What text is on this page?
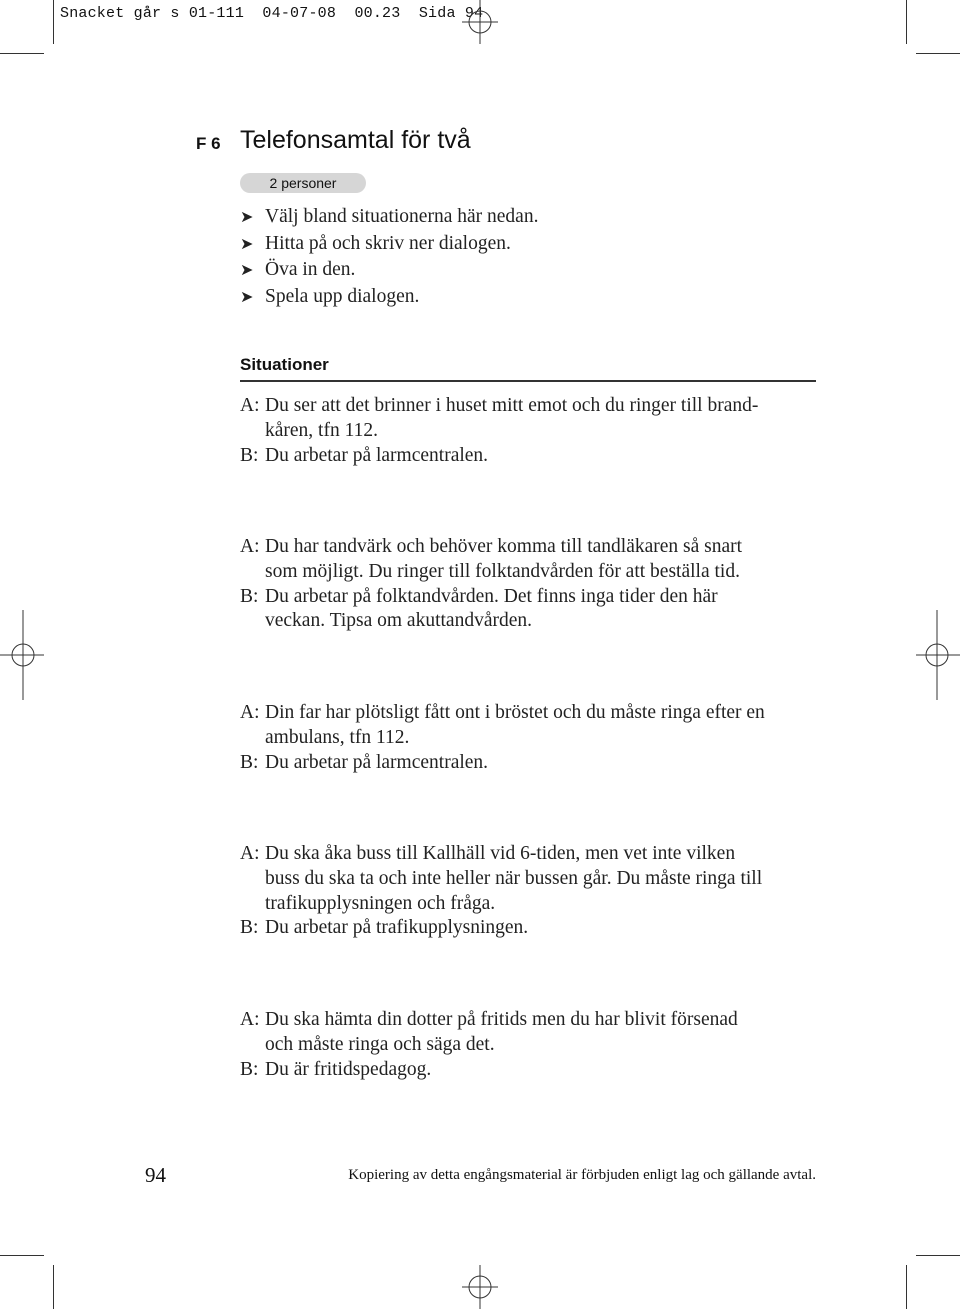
Snacket går s 01-111  04-07-08  00.23  Sida 94
F 6 Telefonsamtal för två
2 personer
➤ Välj bland situationerna här nedan.
➤ Hitta på och skriv ner dialogen.
➤ Öva in den.
➤ Spela upp dialogen.
Situationer

A: Du ser att det brinner i huset mitt emot och du ringer till brand-
kåren, tfn 112.

B: Du arbetar på larmcentralen.

A: Du har tandvärk och behöver komma till tandläkaren så snart
som möjligt. Du ringer till folktandvården för att beställa tid.

B: Du arbetar på folktandvården. Det finns inga tider den här
veckan. Tipsa om akuttandvården.

A: Din far har plötsligt fått ont i bröstet och du måste ringa efter en
ambulans, tfn 112.

B: Du arbetar på larmcentralen.

A: Du ska åka buss till Kallhäll vid 6-tiden, men vet inte vilken
buss du ska ta och inte heller när bussen går. Du måste ringa till
trafikupplysningen och fråga.

B: Du arbetar på trafikupplysningen.

A: Du ska hämta din dotter på fritids men du har blivit försenad
och måste ringa och säga det.

B: Du är fritidspedagog.

94	Kopiering av detta engångsmaterial är förbjuden enligt lag och gällande avtal.
